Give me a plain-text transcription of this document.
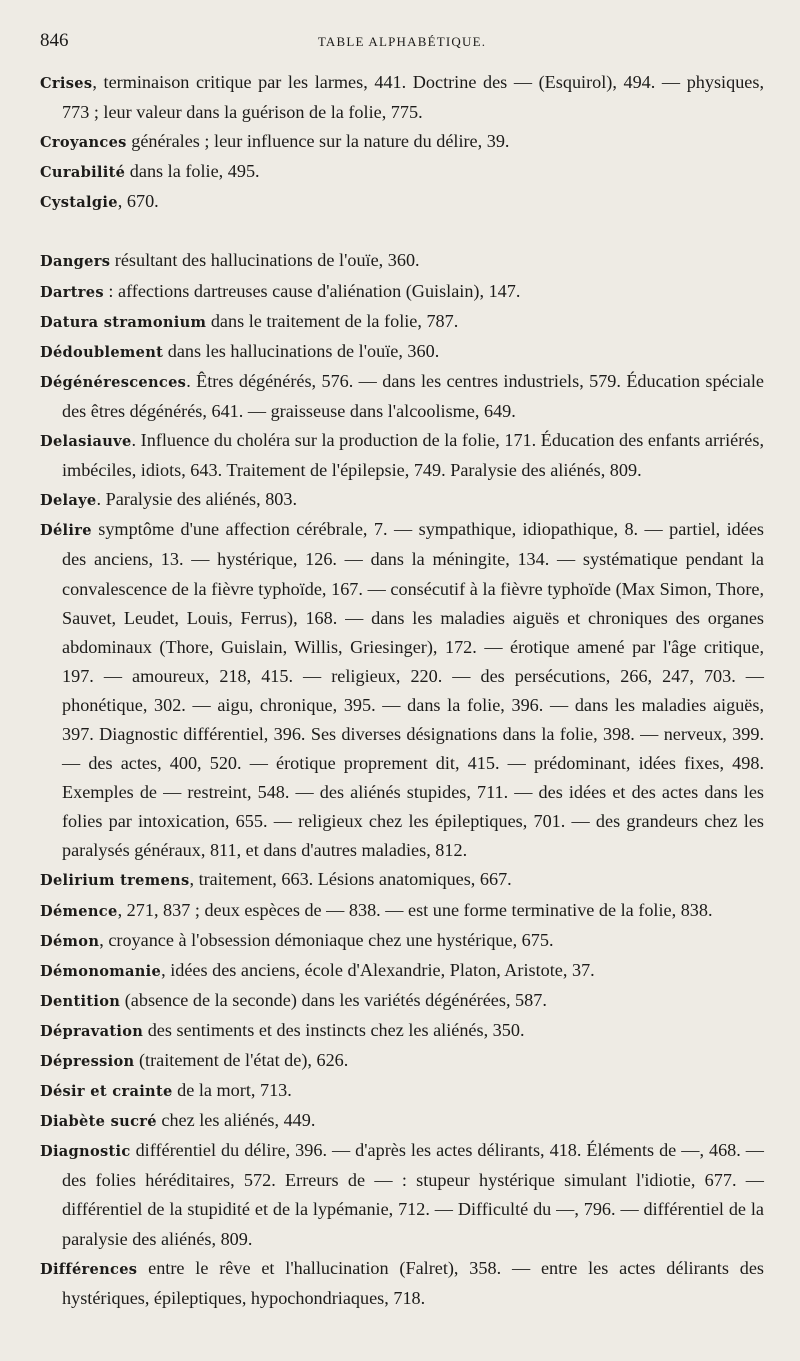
846	TABLE ALPHABÉTIQUE.

Crises, terminaison critique par les larmes, 441. Doctrine des — (Esquirol), 494. — physiques, 773 ; leur valeur dans la guérison de la folie, 775.

Croyances générales ; leur influence sur la nature du délire, 39.

Curabilité dans la folie, 495.

Cystalgie, 670.

Dangers résultant des hallucinations de l'ouïe, 360.

Dartres : affections dartreuses cause d'aliénation (Guislain), 147.

Datura stramonium dans le traitement de la folie, 787.

Dédoublement dans les hallucinations de l'ouïe, 360.

Dégénérescences. Êtres dégénérés, 576. — dans les centres industriels, 579. Éducation spéciale des êtres dégénérés, 641. — graisseuse dans l'alcoolisme, 649.

Delasiauve. Influence du choléra sur la production de la folie, 171. Éducation des enfants arriérés, imbéciles, idiots, 643. Traitement de l'épilepsie, 749. Paralysie des aliénés, 809.

Delaye. Paralysie des aliénés, 803.

Délire symptôme d'une affection cérébrale, 7. — sympathique, idiopathique, 8. — partiel, idées des anciens, 13. — hystérique, 126. — dans la méningite, 134. — systématique pendant la convalescence de la fièvre typhoïde, 167. — consécutif à la fièvre typhoïde (Max Simon, Thore, Sauvet, Leudet, Louis, Ferrus), 168. — dans les maladies aiguës et chroniques des organes abdominaux (Thore, Guislain, Willis, Griesinger), 172. — érotique amené par l'âge critique, 197. — amoureux, 218, 415. — religieux, 220. — des persécutions, 266, 247, 703. — phonétique, 302. — aigu, chronique, 395. — dans la folie, 396. — dans les maladies aiguës, 397. Diagnostic différentiel, 396. Ses diverses désignations dans la folie, 398. — nerveux, 399. — des actes, 400, 520. — érotique proprement dit, 415. — prédominant, idées fixes, 498. Exemples de — restreint, 548. — des aliénés stupides, 711. — des idées et des actes dans les folies par intoxication, 655. — religieux chez les épileptiques, 701. — des grandeurs chez les paralysés généraux, 811, et dans d'autres maladies, 812.

Delirium tremens, traitement, 663. Lésions anatomiques, 667.

Démence, 271, 837 ; deux espèces de — 838. — est une forme terminative de la folie, 838.

Démon, croyance à l'obsession démoniaque chez une hystérique, 675.

Démonomanie, idées des anciens, école d'Alexandrie, Platon, Aristote, 37.

Dentition (absence de la seconde) dans les variétés dégénérées, 587.

Dépravation des sentiments et des instincts chez les aliénés, 350.

Dépression (traitement de l'état de), 626.

Désir et crainte de la mort, 713.

Diabète sucré chez les aliénés, 449.

Diagnostic différentiel du délire, 396. — d'après les actes délirants, 418. Éléments de —, 468. — des folies héréditaires, 572. Erreurs de — : stupeur hystérique simulant l'idiotie, 677. — différentiel de la stupidité et de la lypémanie, 712. — Difficulté du —, 796. — différentiel de la paralysie des aliénés, 809.

Différences entre le rêve et l'hallucination (Falret), 358. — entre les actes délirants des hystériques, épileptiques, hypochondriaques, 718.
